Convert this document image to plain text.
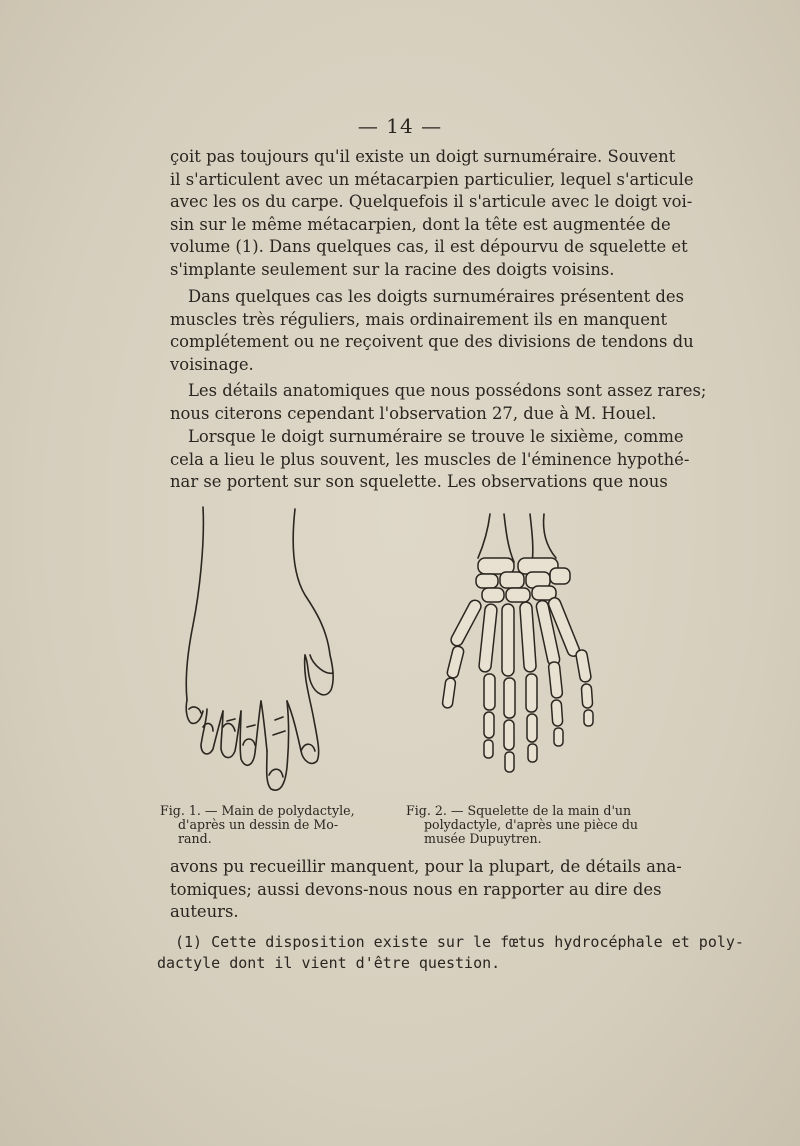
— 14 —

çoit pas toujours qu'il existe un doigt surnuméraire. Souvent
il s'articulent avec un métacarpien particulier, lequel s'articule
avec les os du carpe. Quelquefois il s'articule avec le doigt voi-
sin sur le même métacarpien, dont la tête est augmentée de
volume (1). Dans quelques cas, il est dépourvu de squelette et
s'implante seulement sur la racine des doigts voisins.

Dans quelques cas les doigts surnuméraires présentent des
muscles très réguliers, mais ordinairement ils en manquent
complétement ou ne reçoivent que des divisions de tendons du
voisinage.

Les détails anatomiques que nous possédons sont assez rares;
nous citerons cependant l'observation 27, due à M. Houel.

Lorsque le doigt surnuméraire se trouve le sixième, comme
cela a lieu le plus souvent, les muscles de l'éminence hypothé-
nar se portent sur son squelette. Les observations que nous

Fig. 1. — Main de polydactyle,
d'après un dessin de Mo-
rand.
Fig. 2. — Squelette de la main d'un
polydactyle, d'après une pièce du
musée Dupuytren.

avons pu recueillir manquent, pour la plupart, de détails ana-
tomiques; aussi devons-nous nous en rapporter au dire des
auteurs.

(1) Cette disposition existe sur le fœtus hydrocéphale et poly-
dactyle dont il vient d'être question.
